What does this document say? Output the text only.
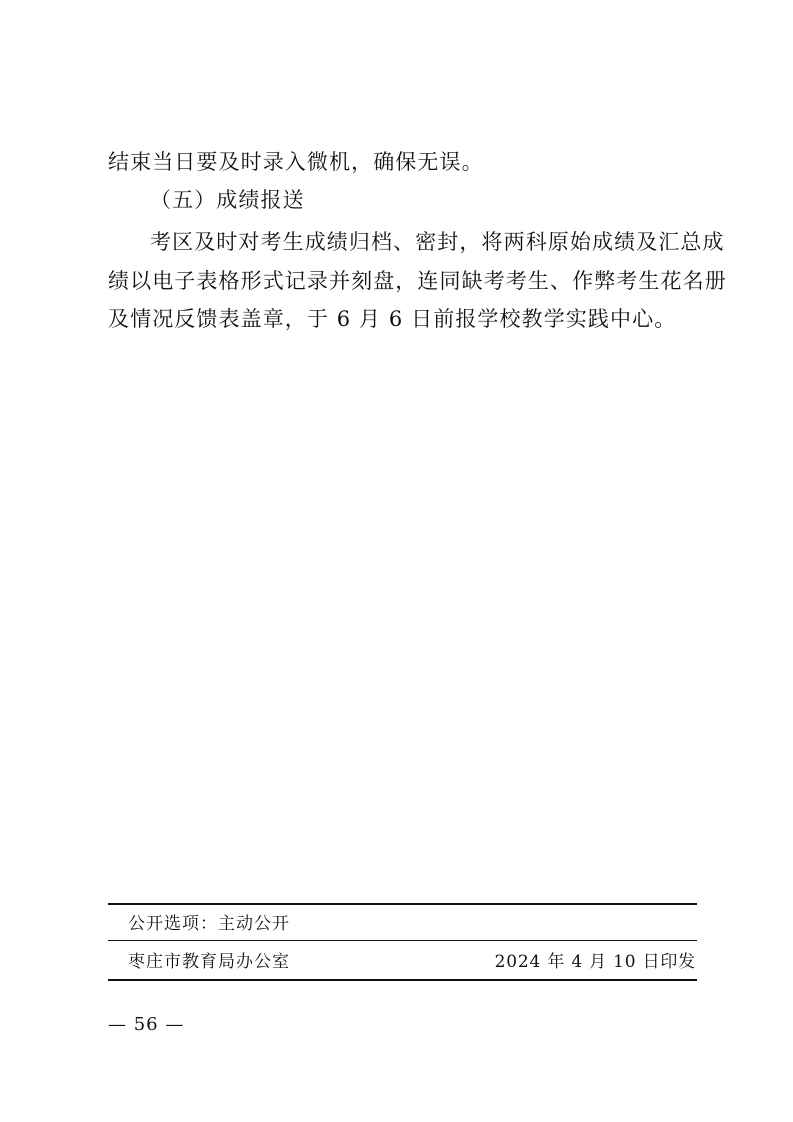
结束当日要及时录入微机，确保无误。
（五）成绩报送
考区及时对考生成绩归档、密封，将两科原始成绩及汇总成
绩以电子表格形式记录并刻盘，连同缺考考生、作弊考生花名册
及情况反馈表盖章，于 6 月 6 日前报学校教学实践中心。
公开选项：主动公开
枣庄市教育局办公室	2024 年 4 月 10 日印发
— 56 —
